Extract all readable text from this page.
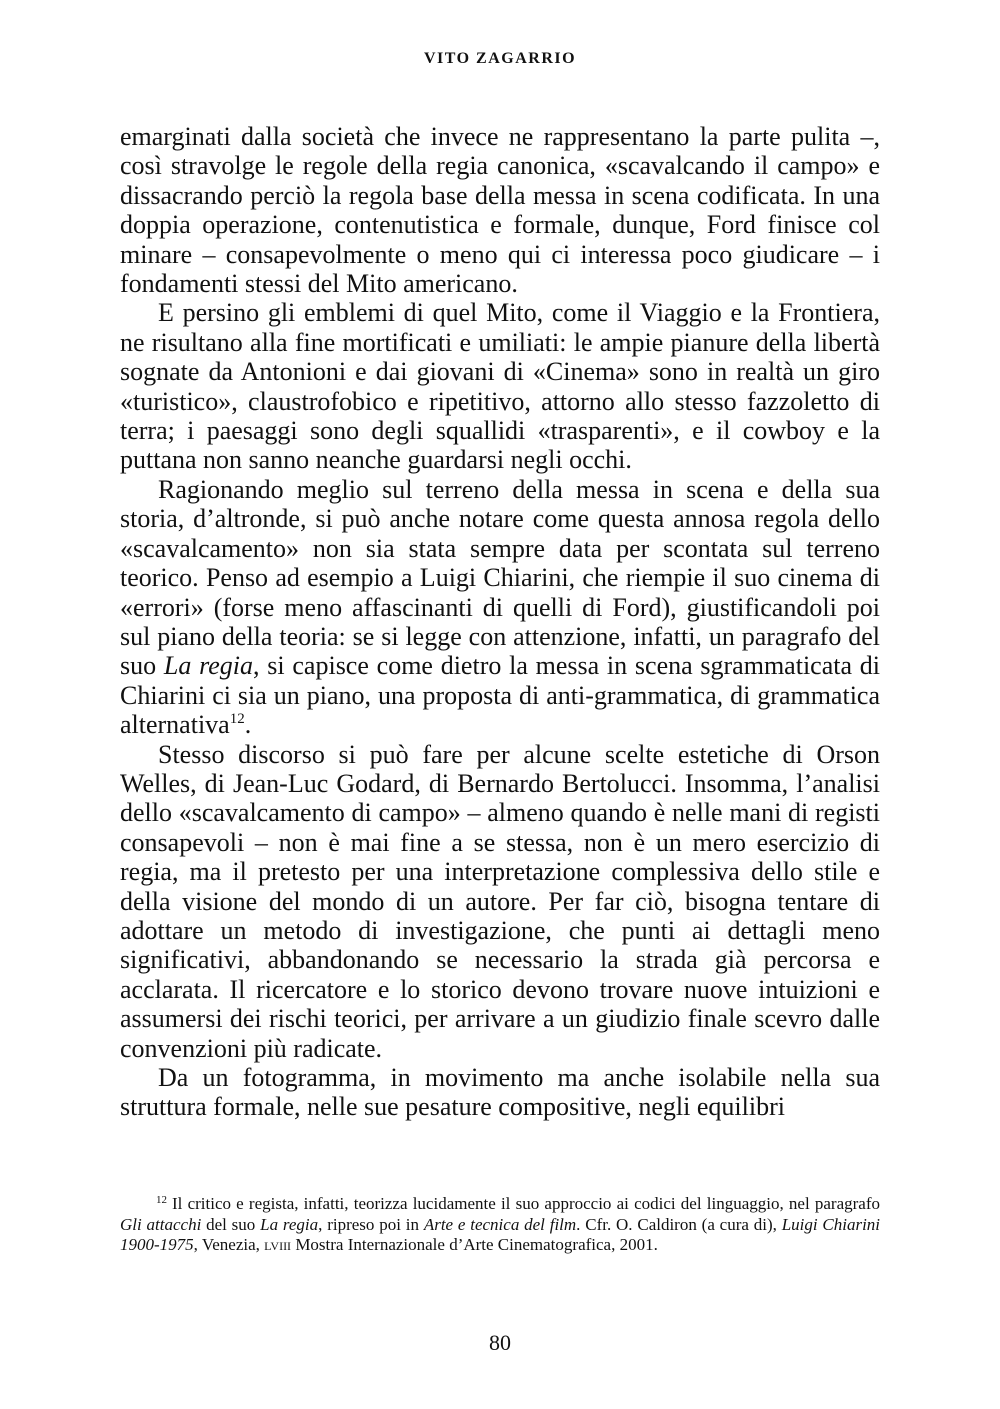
VITO ZAGARRIO

emarginati dalla società che invece ne rappresentano la parte pulita –, così stravolge le regole della regia canonica, «scavalcando il campo» e dissacrando perciò la regola base della messa in scena codificata. In una doppia operazione, contenutistica e formale, dunque, Ford finisce col minare – consapevolmente o meno qui ci interessa poco giudicare – i fondamenti stessi del Mito americano.

E persino gli emblemi di quel Mito, come il Viaggio e la Frontiera, ne risultano alla fine mortificati e umiliati: le ampie pianure della libertà sognate da Antonioni e dai giovani di «Cinema» sono in realtà un giro «turistico», claustrofobico e ripetitivo, attorno allo stesso fazzoletto di terra; i paesaggi sono degli squallidi «trasparenti», e il cowboy e la puttana non sanno neanche guardarsi negli occhi.

Ragionando meglio sul terreno della messa in scena e della sua storia, d’altronde, si può anche notare come questa annosa regola dello «scavalcamento» non sia stata sempre data per scontata sul terreno teorico. Penso ad esempio a Luigi Chiarini, che riempie il suo cinema di «errori» (forse meno affascinanti di quelli di Ford), giustificandoli poi sul piano della teoria: se si legge con attenzione, infatti, un paragrafo del suo La regia, si capisce come dietro la messa in scena sgrammaticata di Chiarini ci sia un piano, una proposta di anti-grammatica, di grammatica alternativa$^{12}$.

Stesso discorso si può fare per alcune scelte estetiche di Orson Welles, di Jean-Luc Godard, di Bernardo Bertolucci. Insomma, l’analisi dello «scavalcamento di campo» – almeno quando è nelle mani di registi consapevoli – non è mai fine a se stessa, non è un mero esercizio di regia, ma il pretesto per una interpretazione complessiva dello stile e della visione del mondo di un autore. Per far ciò, bisogna tentare di adottare un metodo di investigazione, che punti ai dettagli meno significativi, abbandonando se necessario la strada già percorsa e acclarata. Il ricercatore e lo storico devono trovare nuove intuizioni e assumersi dei rischi teorici, per arrivare a un giudizio finale scevro dalle convenzioni più radicate.

Da un fotogramma, in movimento ma anche isolabile nella sua struttura formale, nelle sue pesature compositive, negli equilibri

$^{12}$ Il critico e regista, infatti, teorizza lucidamente il suo approccio ai codici del linguaggio, nel paragrafo Gli attacchi del suo La regia, ripreso poi in Arte e tecnica del film. Cfr. O. Caldiron (a cura di), Luigi Chiarini 1900-1975, Venezia, lviii Mostra Internazionale d’Arte Cinematografica, 2001.

80
